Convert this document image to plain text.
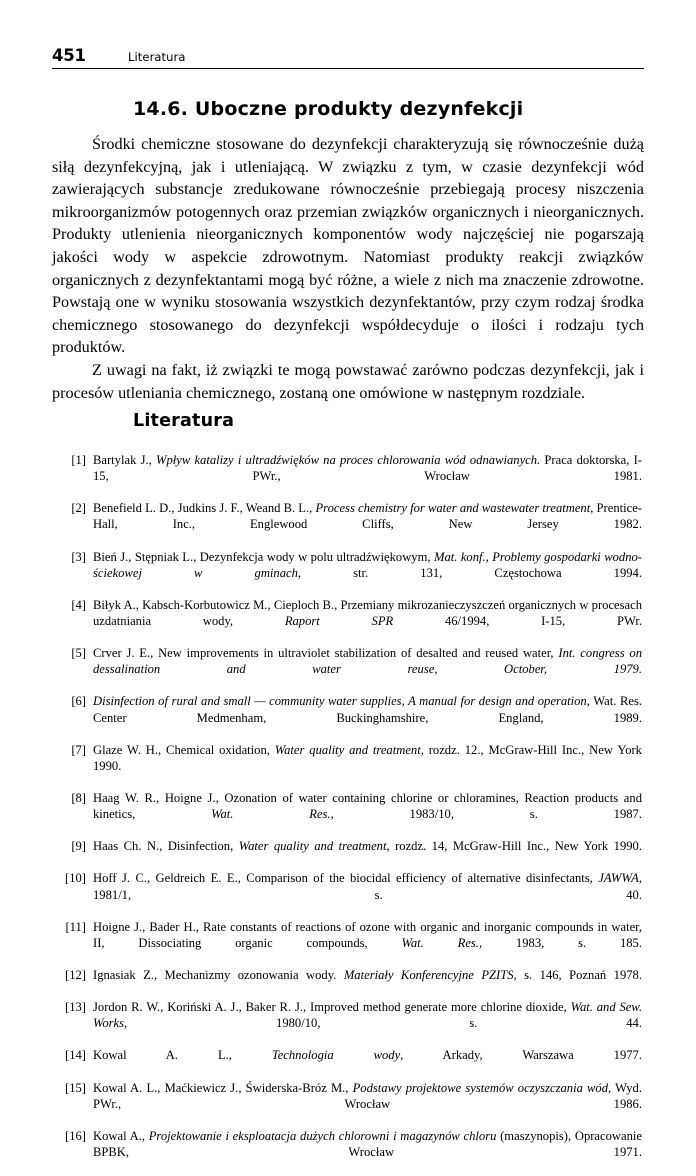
451	Literatura
14.6. Uboczne produkty dezynfekcji

Środki chemiczne stosowane do dezynfekcji charakteryzują się równocześnie dużą siłą dezynfekcyjną, jak i utleniającą. W związku z tym, w czasie dezynfekcji wód zawierających substancje zredukowane równocześnie przebiegają procesy niszczenia mikroorganizmów potogennych oraz przemian związków organicznych i nieorganicznych. Produkty utlenienia nieorganicznych komponentów wody najczęściej nie pogarszają jakości wody w aspekcie zdrowotnym. Natomiast produkty reakcji związków organicznych z dezynfektantami mogą być różne, a wiele z nich ma znaczenie zdrowotne. Powstają one w wyniku stosowania wszystkich dezynfektantów, przy czym rodzaj środka chemicznego stosowanego do dezynfekcji współdecyduje o ilości i rodzaju tych produktów.

Z uwagi na fakt, iż związki te mogą powstawać zarówno podczas dezynfekcji, jak i procesów utleniania chemicznego, zostaną one omówione w następnym rozdziale.

Literatura
[1] Bartylak J., Wpływ katalizy i ultradźwięków na proces chlorowania wód odnawianych. Praca doktorska, I-15, PWr., Wrocław 1981.
[2] Benefield L. D., Judkins J. F., Weand B. L., Process chemistry for water and wastewater treatment, Prentice-Hall, Inc., Englewood Cliffs, New Jersey 1982.
[3] Bień J., Stępniak L., Dezynfekcja wody w polu ultradźwiękowym, Mat. konf., Problemy gospodarki wodno-ściekowej w gminach, str. 131, Częstochowa 1994.
[4] Biłyk A., Kabsch-Korbutowicz M., Cieploch B., Przemiany mikrozanieczyszczeń organicznych w procesach uzdatniania wody, Raport SPR 46/1994, I-15, PWr.
[5] Crver J. E., New improvements in ultraviolet stabilization of desalted and reused water, Int. congress on dessalination and water reuse, October, 1979.
[6] Disinfection of rural and small — community water supplies, A manual for design and operation, Wat. Res. Center Medmenham, Buckinghamshire, England, 1989.
[7] Glaze W. H., Chemical oxidation, Water quality and treatment, rozdz. 12., McGraw-Hill Inc., New York 1990.
[8] Haag W. R., Hoigne J., Ozonation of water containing chlorine or chloramines, Reaction products and kinetics, Wat. Res., 1983/10, s. 1987.
[9] Haas Ch. N., Disinfection, Water quality and treatment, rozdz. 14, McGraw-Hill Inc., New York 1990.
[10] Hoff J. C., Geldreich E. E., Comparison of the biocidal efficiency of alternative disinfectants, JAWWA, 1981/1, s. 40.
[11] Hoigne J., Bader H., Rate constants of reactions of ozone with organic and inorganic compounds in water, II, Dissociating organic compounds, Wat. Res., 1983, s. 185.
[12] Ignasiak Z., Mechanizmy ozonowania wody. Materiały Konferencyjne PZITS, s. 146, Poznań 1978.
[13] Jordon R. W., Koriński A. J., Baker R. J., Improved method generate more chlorine dioxide, Wat. and Sew. Works, 1980/10, s. 44.
[14] Kowal A. L., Technologia wody, Arkady, Warszawa 1977.
[15] Kowal A. L., Maćkiewicz J., Świderska-Bróz M., Podstawy projektowe systemów oczyszczania wód, Wyd. PWr., Wrocław 1986.
[16] Kowal A., Projektowanie i eksploatacja dużych chlorowni i magazynów chloru (maszynopis), Opracowanie BPBK, Wrocław 1971.
